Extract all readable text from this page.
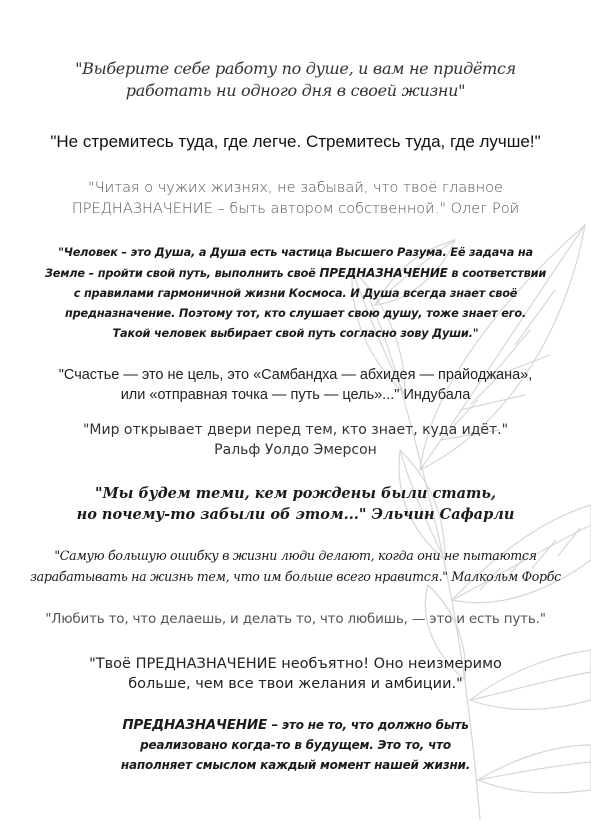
"Выберите себе работу по душе, и вам не придётся
работать ни одного дня в своей жизни"

"Не стремитесь туда, где легче. Стремитесь туда, где лучше!"

"Читая о чужих жизнях, не забывай, что твоё главное
ПРЕДНАЗНАЧЕНИЕ – быть автором собственной." Олег Рой

"Человек – это Душа, а Душа есть частица Высшего Разума. Её задача на
Земле – пройти свой путь, выполнить своё ПРЕДНАЗНАЧЕНИЕ в соответствии
с правилами гармоничной жизни Космоса. И Душа всегда знает своё
предназначение. Поэтому тот, кто слушает свою душу, тоже знает его.
Такой человек выбирает свой путь согласно зову Души."

"Счастье — это не цель, это «Самбандха — абхидея — прайоджана»,
или «отправная точка — путь — цель»..." Индубала

"Мир открывает двери перед тем, кто знает, куда идёт."
Ральф Уолдо Эмерсон

"Мы будем теми, кем рождены были стать,
но почему-то забыли об этом..." Эльчин Сафарли

"Самую большую ошибку в жизни люди делают, когда они не пытаются
зарабатывать на жизнь тем, что им больше всего нравится." Малкольм Форбс

"Любить то, что делаешь, и делать то, что любишь, — это и есть путь."

"Твоё ПРЕДНАЗНАЧЕНИЕ необъятно! Оно неизмеримо
больше, чем все твои желания и амбиции."

ПРЕДНАЗНАЧЕНИЕ – это не то, что должно быть
реализовано когда-то в будущем. Это то, что
наполняет смыслом каждый момент нашей жизни.
